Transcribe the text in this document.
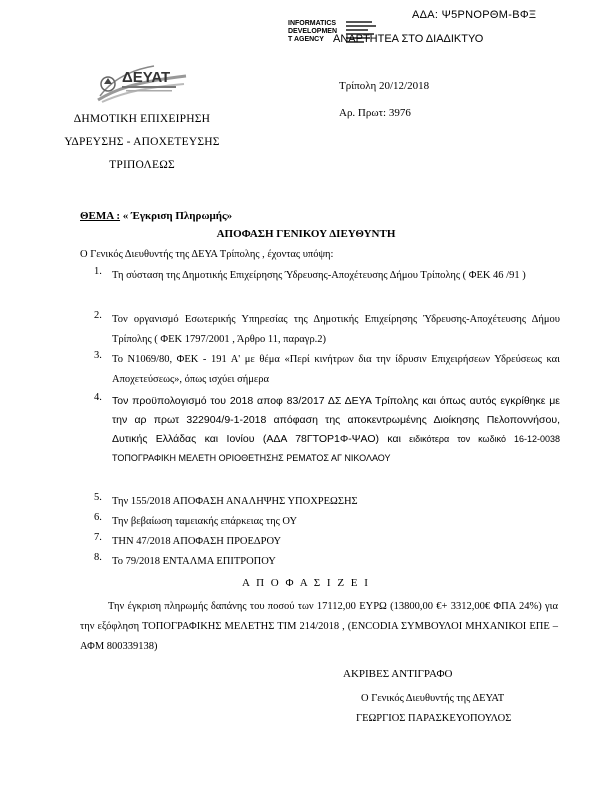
ΑΔΑ: Ψ5ΡΝΟΡΘΜ-ΒΦΞ
INFORMATICS
DEVELOPMEN
T AGENCY ΑΝΑΡΤΗΤΕΑ ΣΤΟ ΔΙΑΔΙΚΤΥΟ
ΔΕΥΑΤ	Τρίπολη 20/12/2018
Αρ. Πρωτ: 3976
ΔΗΜΟΤΙΚΗ ΕΠΙΧΕΙΡΗΣΗ
ΥΔΡΕΥΣΗΣ - ΑΠΟΧΕΤΕΥΣΗΣ
ΤΡΙΠΟΛΕΩΣ
ΘΕΜΑ : « Έγκριση Πληρωμής»
ΑΠΟΦΑΣΗ ΓΕΝΙΚΟΥ ΔΙΕΥΘΥΝΤΗ
Ο Γενικός Διευθυντής της ΔΕΥΑ Τρίπολης , έχοντας υπόψη:
1. Τη σύσταση της Δημοτικής Επιχείρησης Ύδρευσης-Αποχέτευσης Δήμου Τρίπολης ( ΦΕΚ 46 /91 )
2. Τον οργανισμό Εσωτερικής Υπηρεσίας της Δημοτικής Επιχείρησης Ύδρευσης-Αποχέτευσης Δήμου Τρίπολης ( ΦΕΚ 1797/2001 , Άρθρο 11, παραγρ.2)
3. Το Ν1069/80, ΦΕΚ - 191 Α' με θέμα «Περί κινήτρων δια την ίδρυσιν Επιχειρήσεων Υδρεύσεως και Αποχετεύσεως», όπως ισχύει σήμερα
4. Τον προϋπολογισμό του 2018 αποφ 83/2017 ΔΣ ΔΕΥΑ Τρίπολης και όπως αυτός εγκρίθηκε με την αρ πρωτ 322904/9-1-2018 απόφαση της αποκεντρωμένης Διοίκησης Πελοποννήσου, Δυτικής Ελλάδας και Ιονίου (ΑΔΑ 78ΓΤΟΡ1Φ-ΨΑΟ) και ειδικότερα τον κωδικό 16-12-0038 ΤΟΠΟΓΡΑΦΙΚΗ ΜΕΛΕΤΗ ΟΡΙΟΘΕΤΗΣΗΣ ΡΕΜΑΤΟΣ ΑΓ ΝΙΚΟΛΑΟΥ
5. Την 155/2018 ΑΠΟΦΑΣΗ ΑΝΑΛΗΨΗΣ ΥΠΟΧΡΕΩΣΗΣ
6. Την βεβαίωση ταμειακής επάρκειας της ΟΥ
7. ΤΗΝ 47/2018 ΑΠΟΦΑΣΗ ΠΡΟΕΔΡΟΥ
8. Το 79/2018 ΕΝΤΑΛΜΑ ΕΠΙΤΡΟΠΟΥ
Α Π Ο Φ Α Σ Ι Ζ Ε Ι
Την έγκριση πληρωμής δαπάνης του ποσού των 17112,00 ΕΥΡΩ (13800,00 €+ 3312,00€ ΦΠΑ 24%) για την εξόφληση ΤΟΠΟΓΡΑΦΙΚΗΣ ΜΕΛΕΤΗΣ ΤΙΜ 214/2018 , (ENCODIA ΣΥΜΒΟΥΛΟΙ ΜΗΧΑΝΙΚΟΙ ΕΠΕ – ΑΦΜ 800339138)
ΑΚΡΙΒΕΣ ΑΝΤΙΓΡΑΦΟ
Ο Γενικός Διευθυντής της ΔΕΥΑΤ
ΓΕΩΡΓΙΟΣ ΠΑΡΑΣΚΕΥΟΠΟΥΛΟΣ
